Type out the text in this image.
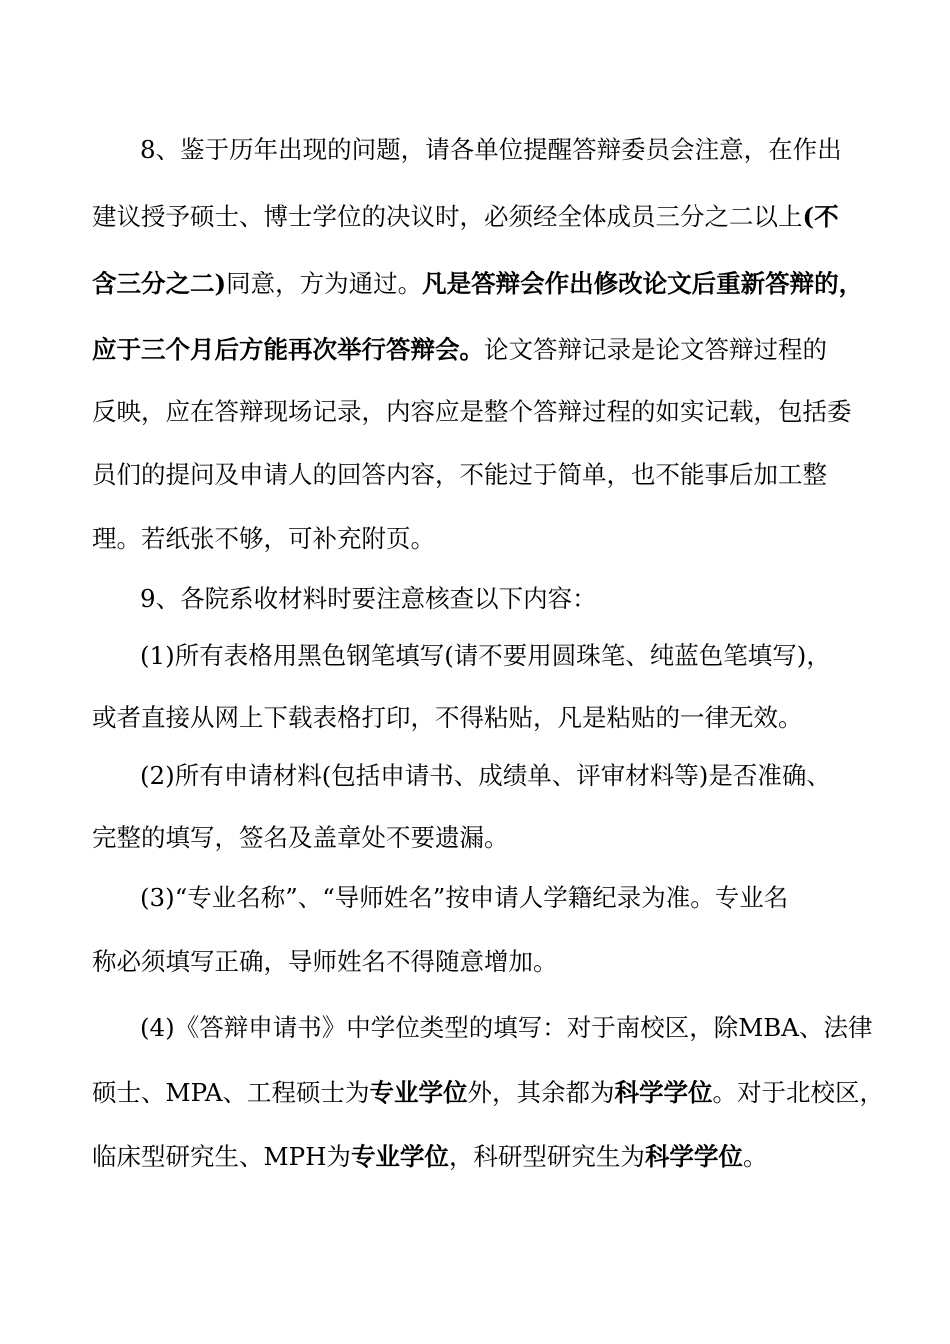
8、鉴于历年出现的问题，请各单位提醒答辩委员会注意，在作出
建议授予硕士、博士学位的决议时，必须经全体成员三分之二以上(不
含三分之二)同意，方为通过。凡是答辩会作出修改论文后重新答辩的，
应于三个月后方能再次举行答辩会。论文答辩记录是论文答辩过程的
反映，应在答辩现场记录，内容应是整个答辩过程的如实记载，包括委
员们的提问及申请人的回答内容，不能过于简单，也不能事后加工整
理。若纸张不够，可补充附页。
9、各院系收材料时要注意核查以下内容：
(1)所有表格用黑色钢笔填写(请不要用圆珠笔、纯蓝色笔填写)，
或者直接从网上下载表格打印，不得粘贴，凡是粘贴的一律无效。
(2)所有申请材料(包括申请书、成绩单、评审材料等)是否准确、
完整的填写，签名及盖章处不要遗漏。
(3)“专业名称”、“导师姓名”按申请人学籍纪录为准。专业名
称必须填写正确，导师姓名不得随意增加。
(4)《答辩申请书》中学位类型的填写：对于南校区，除MBA、法律
硕士、MPA、工程硕士为专业学位外，其余都为科学学位。对于北校区，
临床型研究生、MPH为专业学位，科研型研究生为科学学位。
